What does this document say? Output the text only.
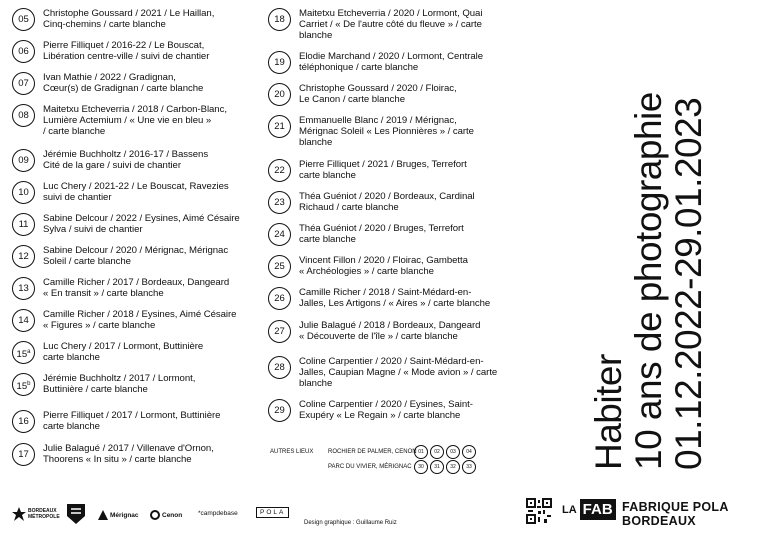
05
Christophe Goussard / 2021 / Le Haillan,
Cinq-chemins / carte blanche
06
Pierre Filliquet / 2016-22 / Le Bouscat,
Libération centre-ville / suivi de chantier
07
Ivan Mathie / 2022 / Gradignan,
Cœur(s) de Gradignan / carte blanche
08
Maitetxu Etcheverria / 2018 / Carbon-Blanc,
Lumière Actemium / « Une vie en bleu »
/ carte blanche
09
Jérémie Buchholtz / 2016-17 / Bassens
Cité de la gare / suivi de chantier
10
Luc Chery / 2021-22 / Le Bouscat, Ravezies
suivi de chantier
11
Sabine Delcour / 2022 / Eysines, Aimé Césaire
Sylva / suivi de chantier
12
Sabine Delcour / 2020 / Mérignac, Mérignac
Soleil / carte blanche
13
Camille Richer / 2017 / Bordeaux, Dangeard
« En transit » / carte blanche
14
Camille Richer / 2018 / Eysines, Aimé Césaire
« Figures » / carte blanche
15$^a$	Luc Chery / 2017 / Lormont, Buttinière
carte blanche
15$^b$	Jérémie Buchholtz / 2017 / Lormont,
Buttinière / carte blanche
16
Pierre Filliquet / 2017 / Lormont, Buttinière
carte blanche
17
Julie Balagué / 2017 / Villenave d'Ornon,
Thoorens « In situ » / carte blanche
18
Maitetxu Etcheverria / 2020 / Lormont, Quai
Carriet / « De l'autre côté du fleuve » / carte
blanche
19
Elodie Marchand / 2020 / Lormont, Centrale
téléphonique / carte blanche
20
Christophe Goussard / 2020 / Floirac,
Le Canon / carte blanche
21
Emmanuelle Blanc / 2019 / Mérignac,
Mérignac Soleil « Les Pionnières » / carte
blanche
22
Pierre Filliquet / 2021 / Bruges, Terrefort
carte blanche
23
Théa Guéniot / 2020 / Bordeaux, Cardinal
Richaud / carte blanche
24
Théa Guéniot / 2020 / Bruges, Terrefort
carte blanche
25
Vincent Fillon / 2020 / Floirac, Gambetta
« Archéologies » / carte blanche
26
Camille Richer / 2018 / Saint-Médard-en-
Jalles, Les Artigons / « Aires » / carte blanche
27
Julie Balagué / 2018 / Bordeaux, Dangeard
« Découverte de l'île » / carte blanche
28
Coline Carpentier / 2020 / Saint-Médard-en-
Jalles, Caupian Magne / « Mode avion » / carte
blanche
29
Coline Carpentier / 2020 / Eysines, Saint-
Exupéry « Le Regain » / carte blanche	Habiter 10 ans de photographie 01.12.2022-29.01.2023
AUTRES LIEUX ROCHIER DE PALMER, CENON 01	02	03	04
PARC DU VIVIER, MÉRIGNAC	30	31	32	33
BORDEAUX
MÉTROPOLE	Mérignac	Cenon *campdebase	POLA
Design graphique : Guillaume Ruiz
LA FAB FABRIQUE POLA
BORDEAUX
